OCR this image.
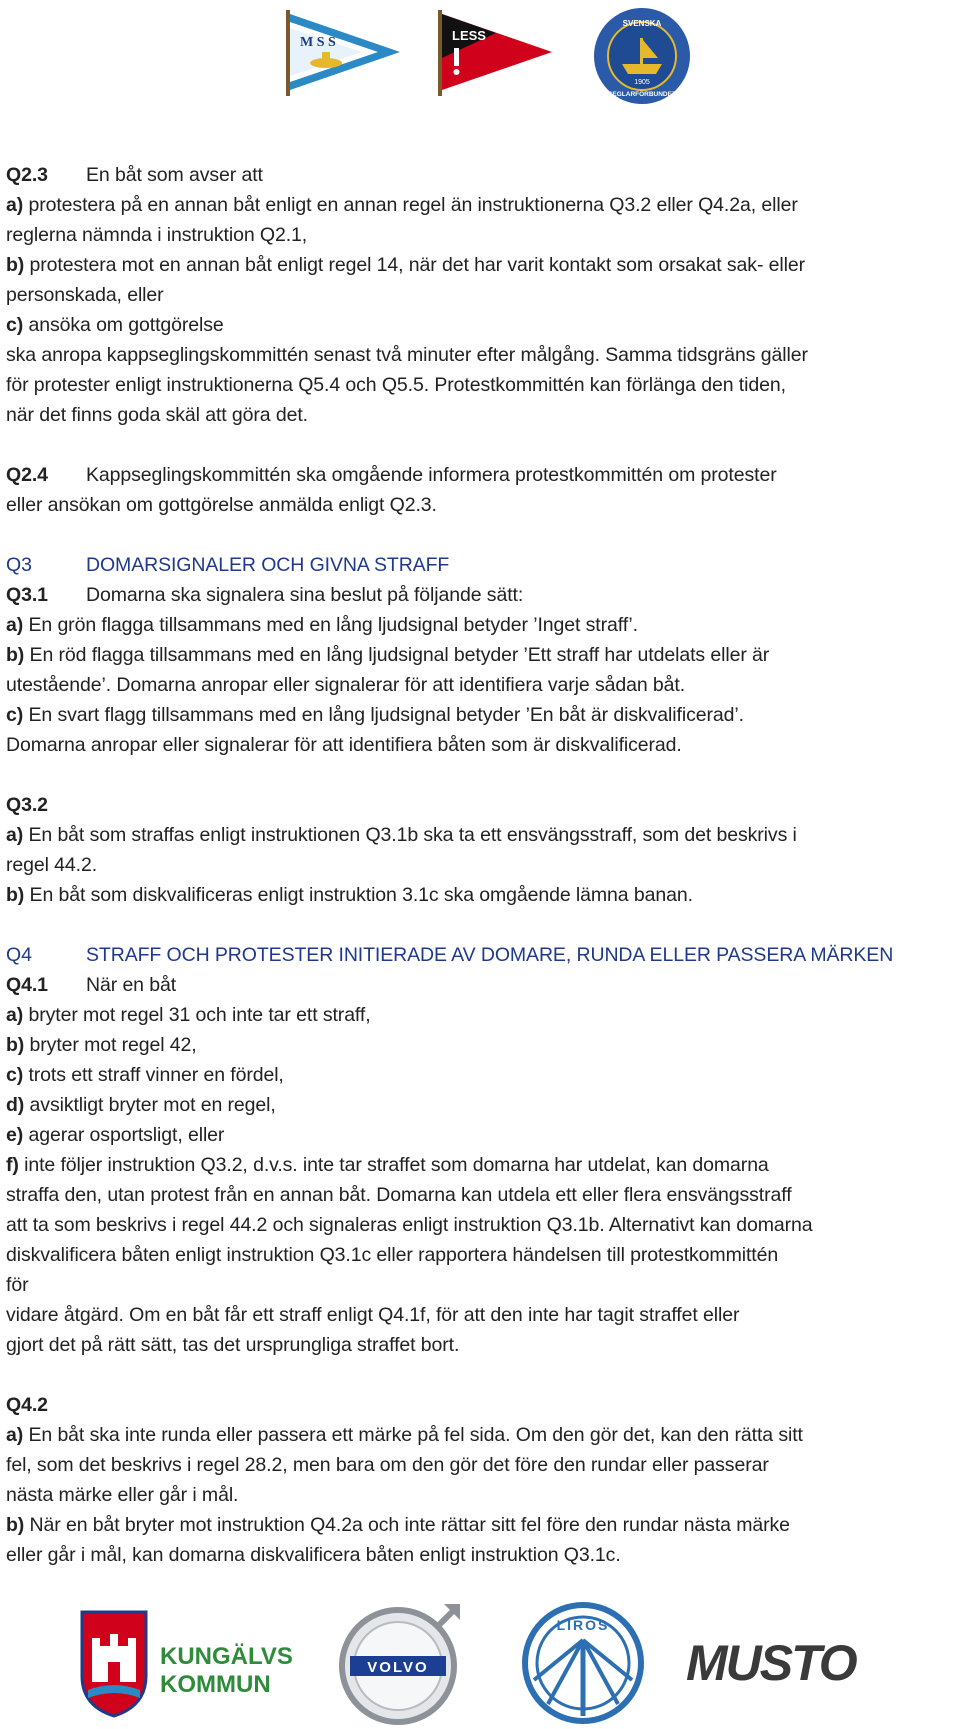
M S S	LESS
SVENSKA
SEGLARFÖRBUNDET
1905
Q2.3 En båt som avser att
a) protestera på en annan båt enligt en annan regel än instruktionerna Q3.2 eller Q4.2a, eller
reglerna nämnda i instruktion Q2.1,
b) protestera mot en annan båt enligt regel 14, när det har varit kontakt som orsakat sak- eller
personskada, eller
c) ansöka om gottgörelse
ska anropa kappseglingskommittén senast två minuter efter målgång. Samma tidsgräns gäller
för protester enligt instruktionerna Q5.4 och Q5.5. Protestkommittén kan förlänga den tiden,
när det finns goda skäl att göra det.
Q2.4 Kappseglingskommittén ska omgående informera protestkommittén om protester
eller ansökan om gottgörelse anmälda enligt Q2.3.
Q3	DOMARSIGNALER OCH GIVNA STRAFF
Q3.1 Domarna ska signalera sina beslut på följande sätt:
a) En grön flagga tillsammans med en lång ljudsignal betyder ’Inget straff’.
b) En röd flagga tillsammans med en lång ljudsignal betyder ’Ett straff har utdelats eller är
utestående’. Domarna anropar eller signalerar för att identifiera varje sådan båt.
c) En svart flagg tillsammans med en lång ljudsignal betyder ’En båt är diskvalificerad’.
Domarna anropar eller signalerar för att identifiera båten som är diskvalificerad.
Q3.2
a) En båt som straffas enligt instruktionen Q3.1b ska ta ett ensvängsstraff, som det beskrivs i
regel 44.2.
b) En båt som diskvalificeras enligt instruktion 3.1c ska omgående lämna banan.
Q4	STRAFF OCH PROTESTER INITIERADE AV DOMARE, RUNDA ELLER PASSERA MÄRKEN
Q4.1 När en båt
a) bryter mot regel 31 och inte tar ett straff,
b) bryter mot regel 42,
c) trots ett straff vinner en fördel,
d) avsiktligt bryter mot en regel,
e) agerar osportsligt, eller
f) inte följer instruktion Q3.2, d.v.s. inte tar straffet som domarna har utdelat, kan domarna
straffa den, utan protest från en annan båt. Domarna kan utdela ett eller flera ensvängsstraff
att ta som beskrivs i regel 44.2 och signaleras enligt instruktion Q3.1b. Alternativt kan domarna
diskvalificera båten enligt instruktion Q3.1c eller rapportera händelsen till protestkommittén
för
vidare åtgärd. Om en båt får ett straff enligt Q4.1f, för att den inte har tagit straffet eller
gjort det på rätt sätt, tas det ursprungliga straffet bort.
Q4.2
a) En båt ska inte runda eller passera ett märke på fel sida. Om den gör det, kan den rätta sitt
fel, som det beskrivs i regel 28.2, men bara om den gör det före den rundar eller passerar
nästa märke eller går i mål.
b) När en båt bryter mot instruktion Q4.2a och inte rättar sitt fel före den rundar nästa märke
eller går i mål, kan domarna diskvalificera båten enligt instruktion Q3.1c.
KUNGÄLVS
KOMMUN
VOLVO
LIROS
MUSTO
